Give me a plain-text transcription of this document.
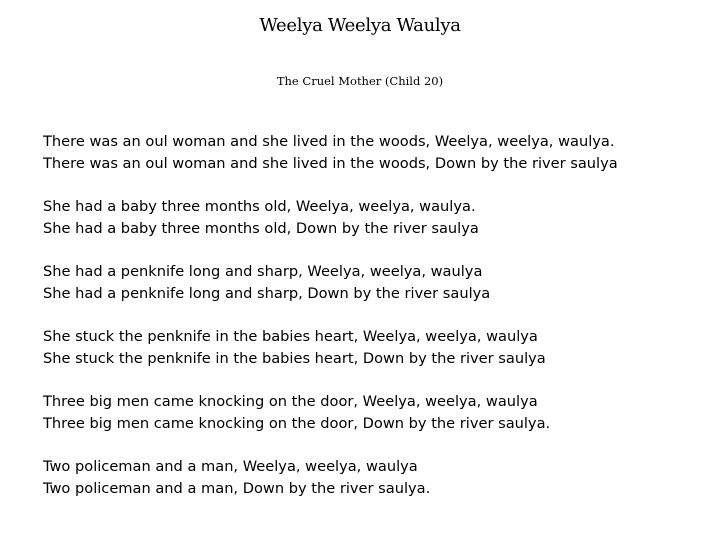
Weelya Weelya Waulya
The Cruel Mother (Child 20)
There was an oul woman and she lived in the woods, Weelya, weelya, waulya.
There was an oul woman and she lived in the woods, Down by the river saulya
She had a baby three months old, Weelya, weelya, waulya.
She had a baby three months old, Down by the river saulya
She had a penknife long and sharp, Weelya, weelya, waulya
She had a penknife long and sharp, Down by the river saulya
She stuck the penknife in the babies heart, Weelya, weelya, waulya
She stuck the penknife in the babies heart, Down by the river saulya
Three big men came knocking on the door, Weelya, weelya, waulya
Three big men came knocking on the door, Down by the river saulya.
Two policeman and a man, Weelya, weelya, waulya
Two policeman and a man, Down by the river saulya.
